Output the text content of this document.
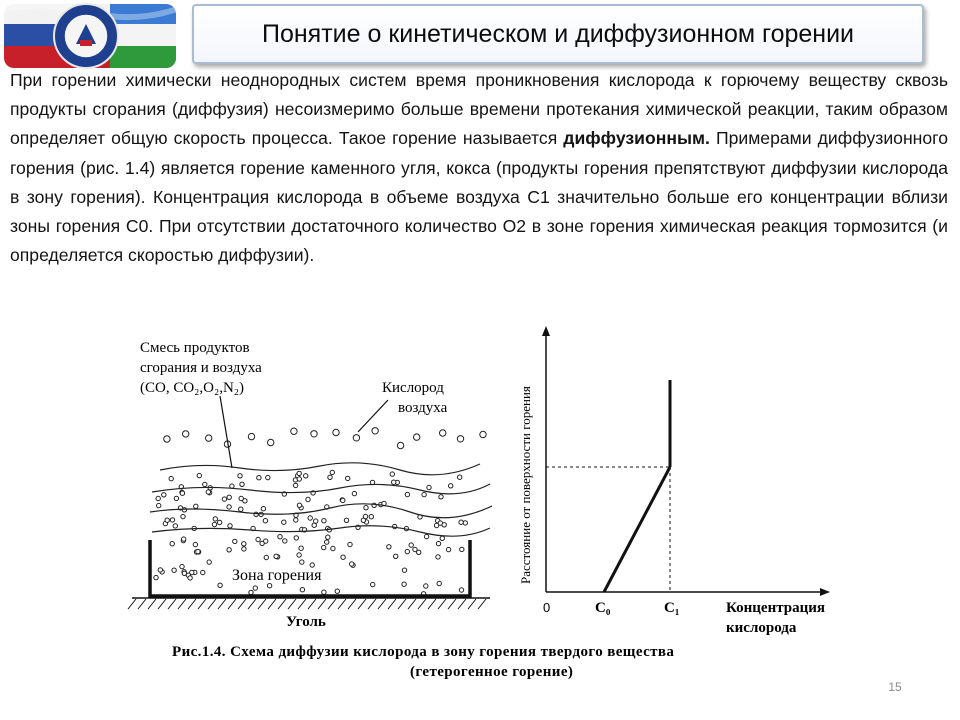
Понятие о кинетическом и диффузионном горении
При горении химически неоднородных систем время проникновения кислорода к горючему веществу сквозь продукты сгорания (диффузия) несоизмеримо больше времени протекания химической реакции, таким образом определяет общую скорость процесса. Такое горение называется диффузионным. Примерами диффузионного горения (рис. 1.4) является горение каменного угля, кокса (продукты горения препятствуют диффузии кислорода в зону горения). Концентрация кислорода в объеме воздуха С1 значительно больше его концентрации вблизи зоны горения С0. При отсутствии достаточного количество О2 в зоне горения химическая реакция тормозится (и определяется скоростью диффузии).
Смесь продуктов
сгорания и воздуха
(CO, CO₂,O₂,N₂)	Кислород
воздуха
Зона горения
Уголь
Расстояние от поверхности горения
0	C₀	C₁	Концентрация
кислорода
Рис.1.4. Схема диффузии кислорода в зону горения твердого вещества
(гетерогенное горение)
15
